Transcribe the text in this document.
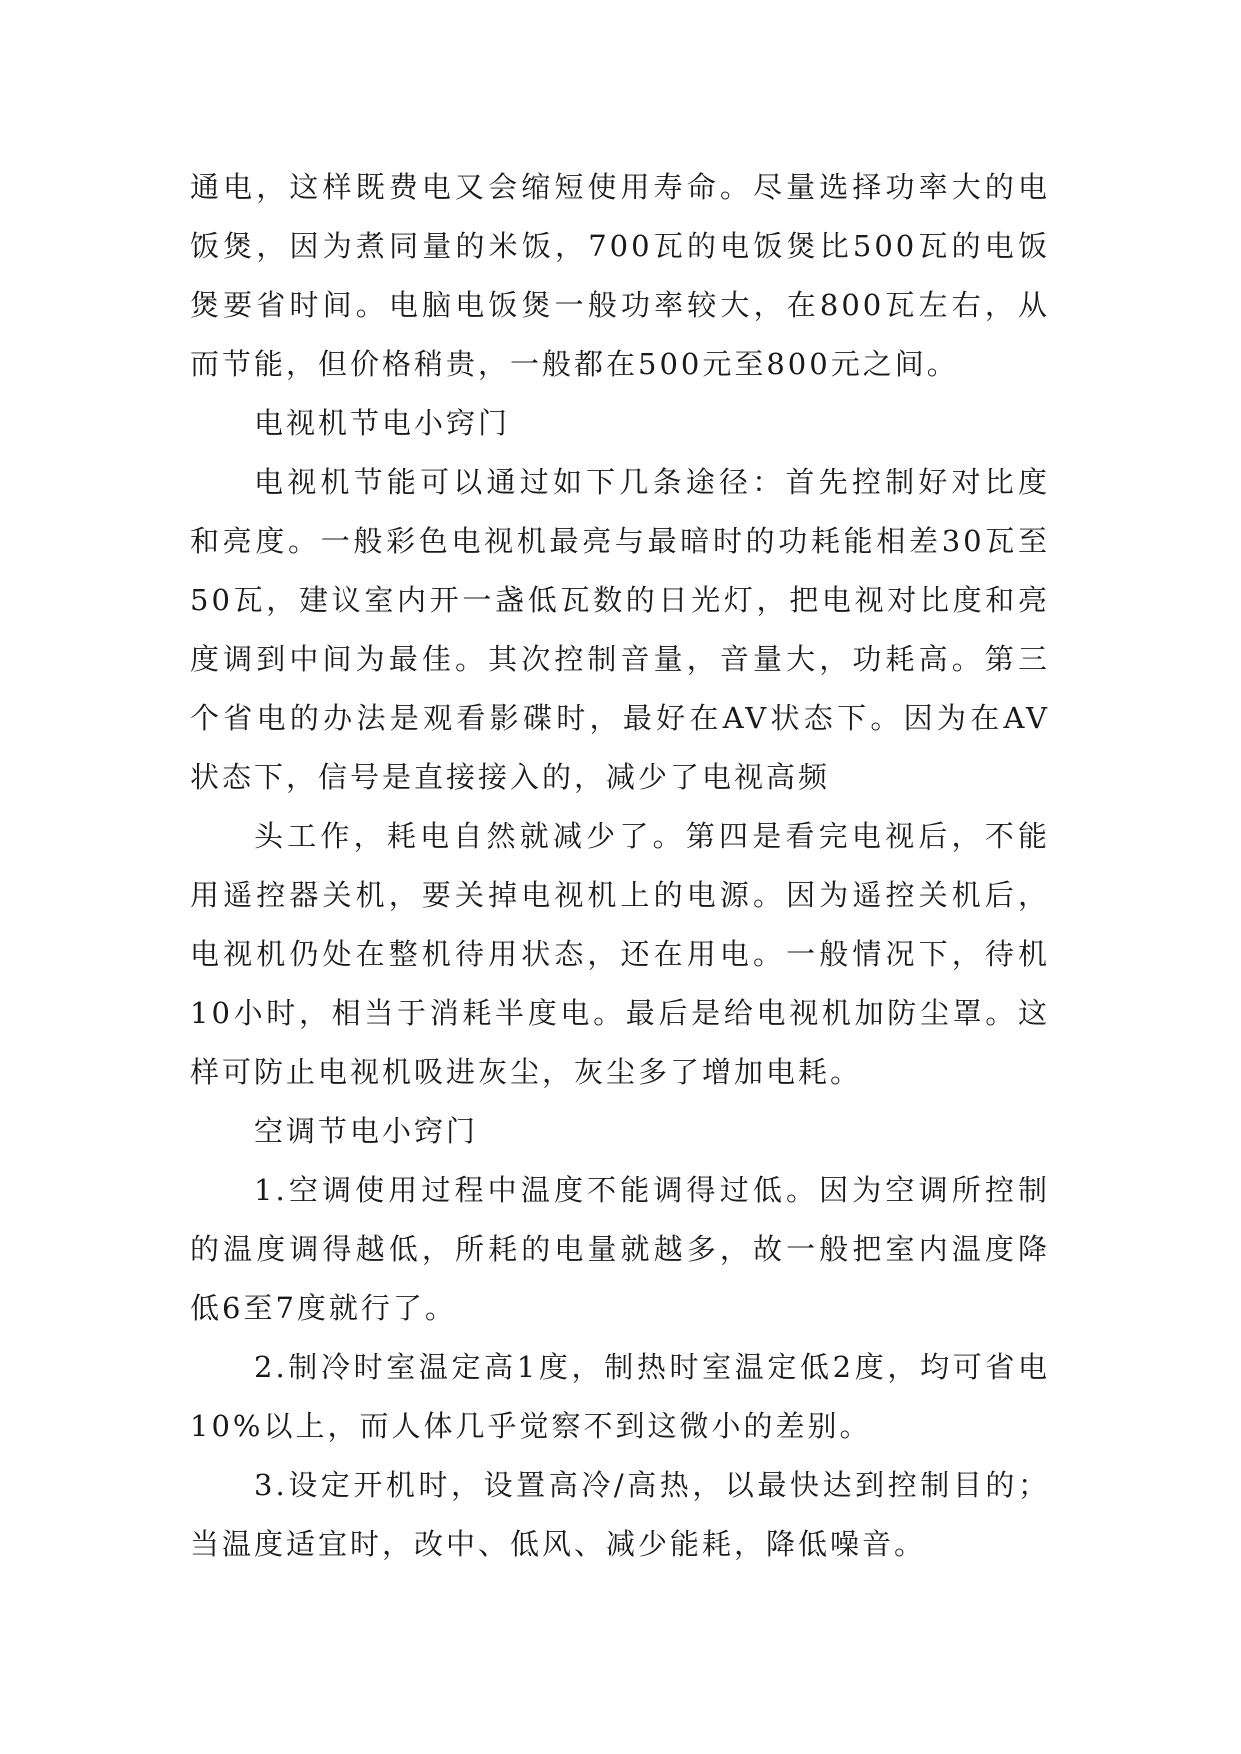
通电，这样既费电又会缩短使用寿命。尽量选择功率大的电饭煲，因为煮同量的米饭，700瓦的电饭煲比500瓦的电饭煲要省时间。电脑电饭煲一般功率较大，在800瓦左右，从而节能，但价格稍贵，一般都在500元至800元之间。

电视机节电小窍门

电视机节能可以通过如下几条途径：首先控制好对比度和亮度。一般彩色电视机最亮与最暗时的功耗能相差30瓦至50瓦，建议室内开一盏低瓦数的日光灯，把电视对比度和亮度调到中间为最佳。其次控制音量，音量大，功耗高。第三个省电的办法是观看影碟时，最好在AV状态下。因为在AV状态下，信号是直接接入的，减少了电视高频

头工作，耗电自然就减少了。第四是看完电视后，不能用遥控器关机，要关掉电视机上的电源。因为遥控关机后，电视机仍处在整机待用状态，还在用电。一般情况下，待机10小时，相当于消耗半度电。最后是给电视机加防尘罩。这样可防止电视机吸进灰尘，灰尘多了增加电耗。

空调节电小窍门

1.空调使用过程中温度不能调得过低。因为空调所控制的温度调得越低，所耗的电量就越多，故一般把室内温度降低6至7度就行了。

2.制冷时室温定高1度，制热时室温定低2度，均可省电10%以上，而人体几乎觉察不到这微小的差别。

3.设定开机时，设置高冷/高热，以最快达到控制目的；当温度适宜时，改中、低风、减少能耗，降低噪音。
